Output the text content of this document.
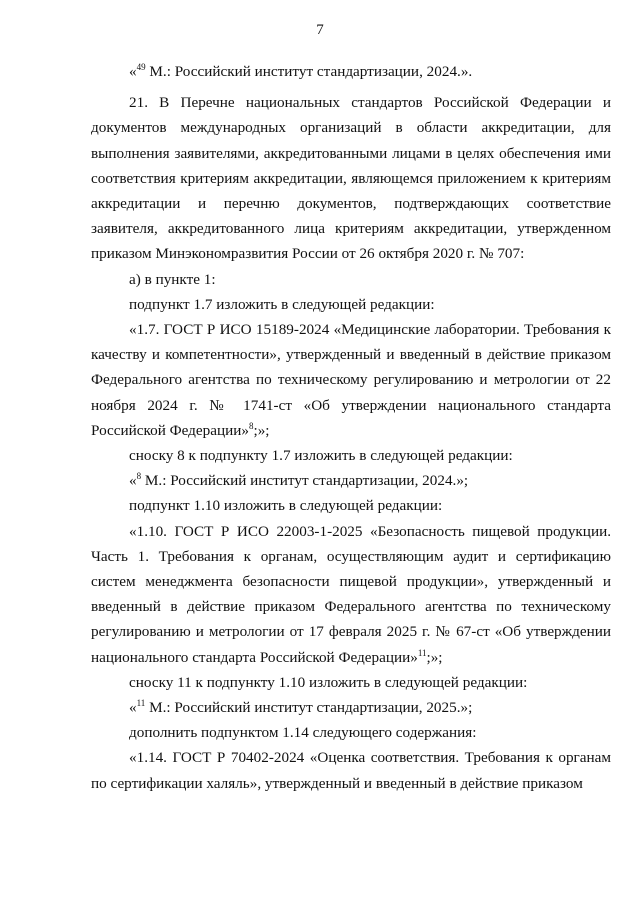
7

«$^{49}$ М.: Российский институт стандартизации, 2024.».

21. В Перечне национальных стандартов Российской Федерации и документов международных организаций в области аккредитации, для выполнения заявителями, аккредитованными лицами в целях обеспечения ими соответствия критериям аккредитации, являющемся приложением к критериям аккредитации и перечню документов, подтверждающих соответствие заявителя, аккредитованного лица критериям аккредитации, утвержденном приказом Минэкономразвития России от 26 октября 2020 г. № 707:

а) в пункте 1:

подпункт 1.7 изложить в следующей редакции:

«1.7. ГОСТ Р ИСО 15189-2024 «Медицинские лаборатории. Требования к качеству и компетентности», утвержденный и введенный в действие приказом Федерального агентства по техническому регулированию и метрологии от 22 ноября 2024 г. № 1741-ст «Об утверждении национального стандарта Российской Федерации»$^8$;»;

сноску 8 к подпункту 1.7 изложить в следующей редакции:

«$^8$ М.: Российский институт стандартизации, 2024.»;

подпункт 1.10 изложить в следующей редакции:

«1.10. ГОСТ Р ИСО 22003-1-2025 «Безопасность пищевой продукции. Часть 1. Требования к органам, осуществляющим аудит и сертификацию систем менеджмента безопасности пищевой продукции», утвержденный и введенный в действие приказом Федерального агентства по техническому регулированию и метрологии от 17 февраля 2025 г. № 67-ст «Об утверждении национального стандарта Российской Федерации»$^{11}$;»;

сноску 11 к подпункту 1.10 изложить в следующей редакции:

«$^{11}$ М.: Российский институт стандартизации, 2025.»;

дополнить подпунктом 1.14 следующего содержания:

«1.14. ГОСТ Р 70402-2024 «Оценка соответствия. Требования к органам по сертификации халяль», утвержденный и введенный в действие приказом
